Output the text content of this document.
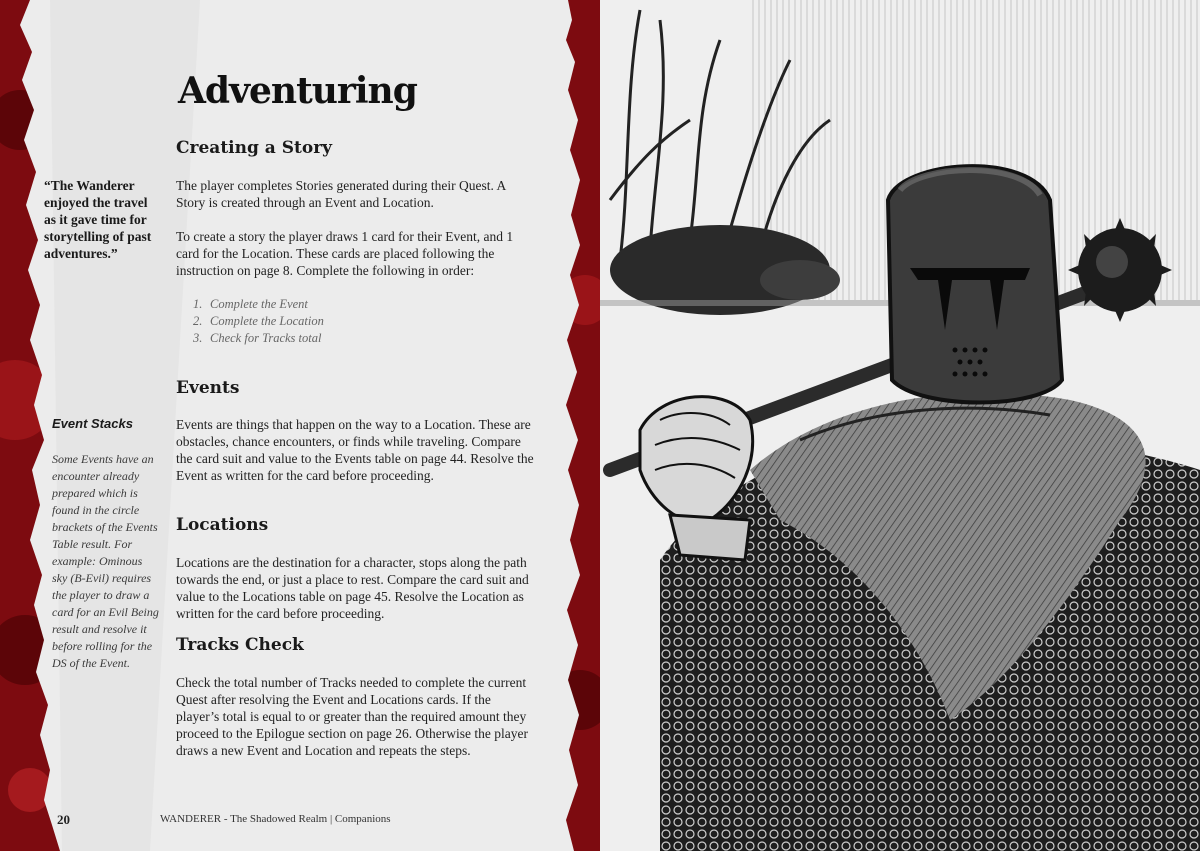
Adventuring
Creating a Story

The player completes Stories generated during their Quest. A Story is created through an Event and Location.

To create a story the player draws 1 card for their Event, and 1 card for the Location. These cards are placed following the instruction on page 8. Complete the following in order:

1. Complete the Event
2. Complete the Location
3. Check for Tracks total
Events

Events are things that happen on the way to a Location. These are obstacles, chance encounters, or finds while traveling. Compare the card suit and value to the Events table on page 44. Resolve the Event as written for the card before proceeding.

Locations

Locations are the destination for a character, stops along the path towards the end, or just a place to rest. Compare the card suit and value to the Locations table on page 45. Resolve the Location as written for the card before proceeding.

Tracks Check

Check the total number of Tracks needed to complete the current Quest after resolving the Event and Locations cards. If the player’s total is equal to or greater than the required amount they proceed to the Epilogue section on page 26. Otherwise the player draws a new Event and Location and repeats the steps.

“The Wanderer enjoyed the travel as it gave time for storytelling of past adventures.”
Event Stacks
Some Events have an encounter already prepared which is found in the circle brackets of the Events Table result. For example: Ominous sky (B-Evil) requires the player to draw a card for an Evil Being result and resolve it before rolling for the DS of the Event.
20	WANDERER - The Shadowed Realm | Companions
